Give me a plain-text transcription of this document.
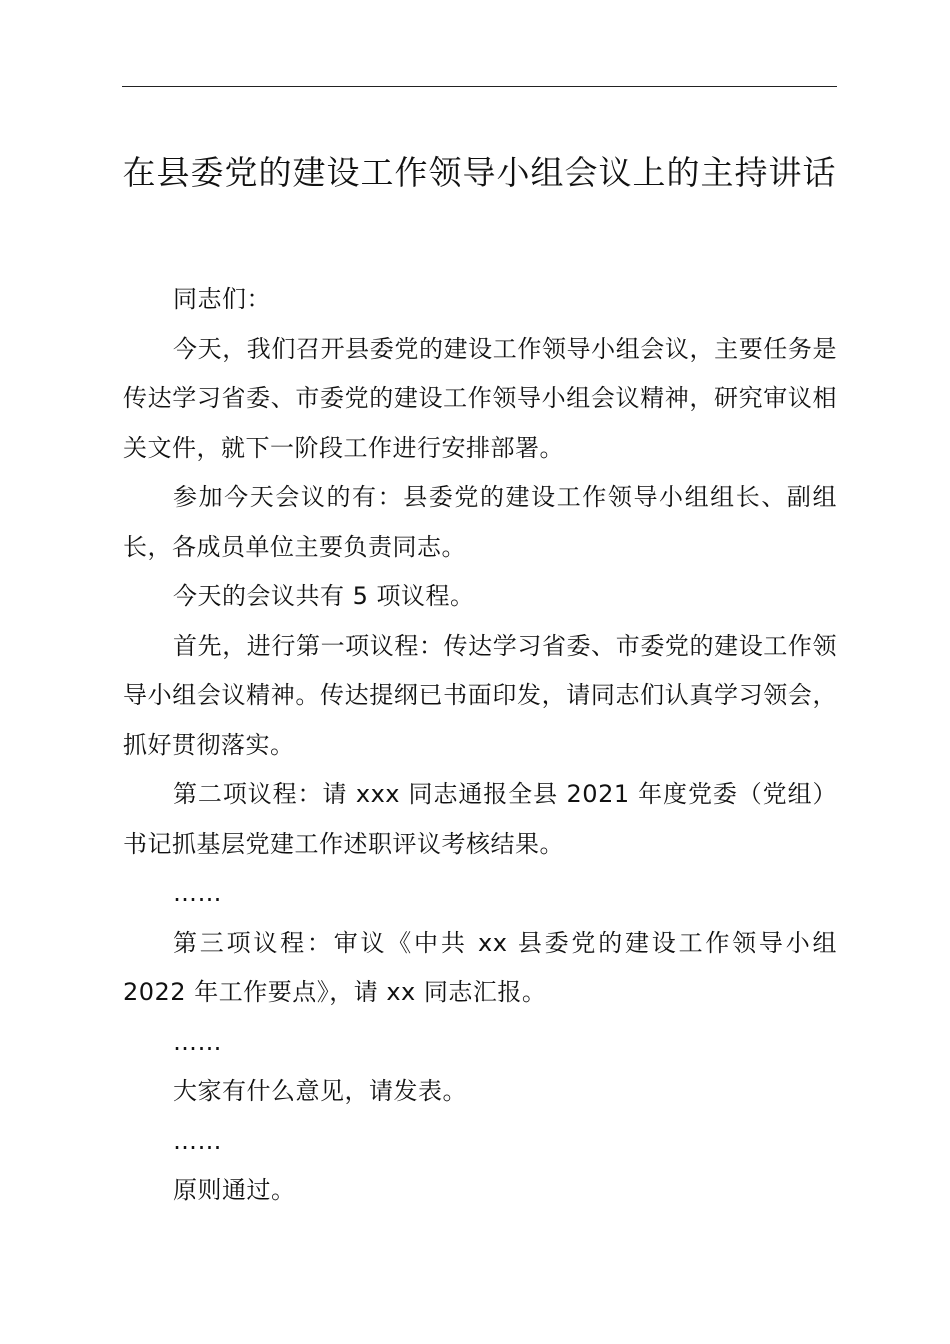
在县委党的建设工作领导小组会议上的主持讲话

同志们：

今天，我们召开县委党的建设工作领导小组会议，主要任务是传达学习省委、市委党的建设工作领导小组会议精神，研究审议相关文件，就下一阶段工作进行安排部署。

参加今天会议的有：县委党的建设工作领导小组组长、副组长，各成员单位主要负责同志。

今天的会议共有 5 项议程。

首先，进行第一项议程：传达学习省委、市委党的建设工作领导小组会议精神。传达提纲已书面印发，请同志们认真学习领会，抓好贯彻落实。

第二项议程：请 xxx 同志通报全县 2021 年度党委（党组）书记抓基层党建工作述职评议考核结果。

……

第三项议程：审议《中共 xx 县委党的建设工作领导小组 2022 年工作要点》，请 xx 同志汇报。

……

大家有什么意见，请发表。

……

原则通过。
